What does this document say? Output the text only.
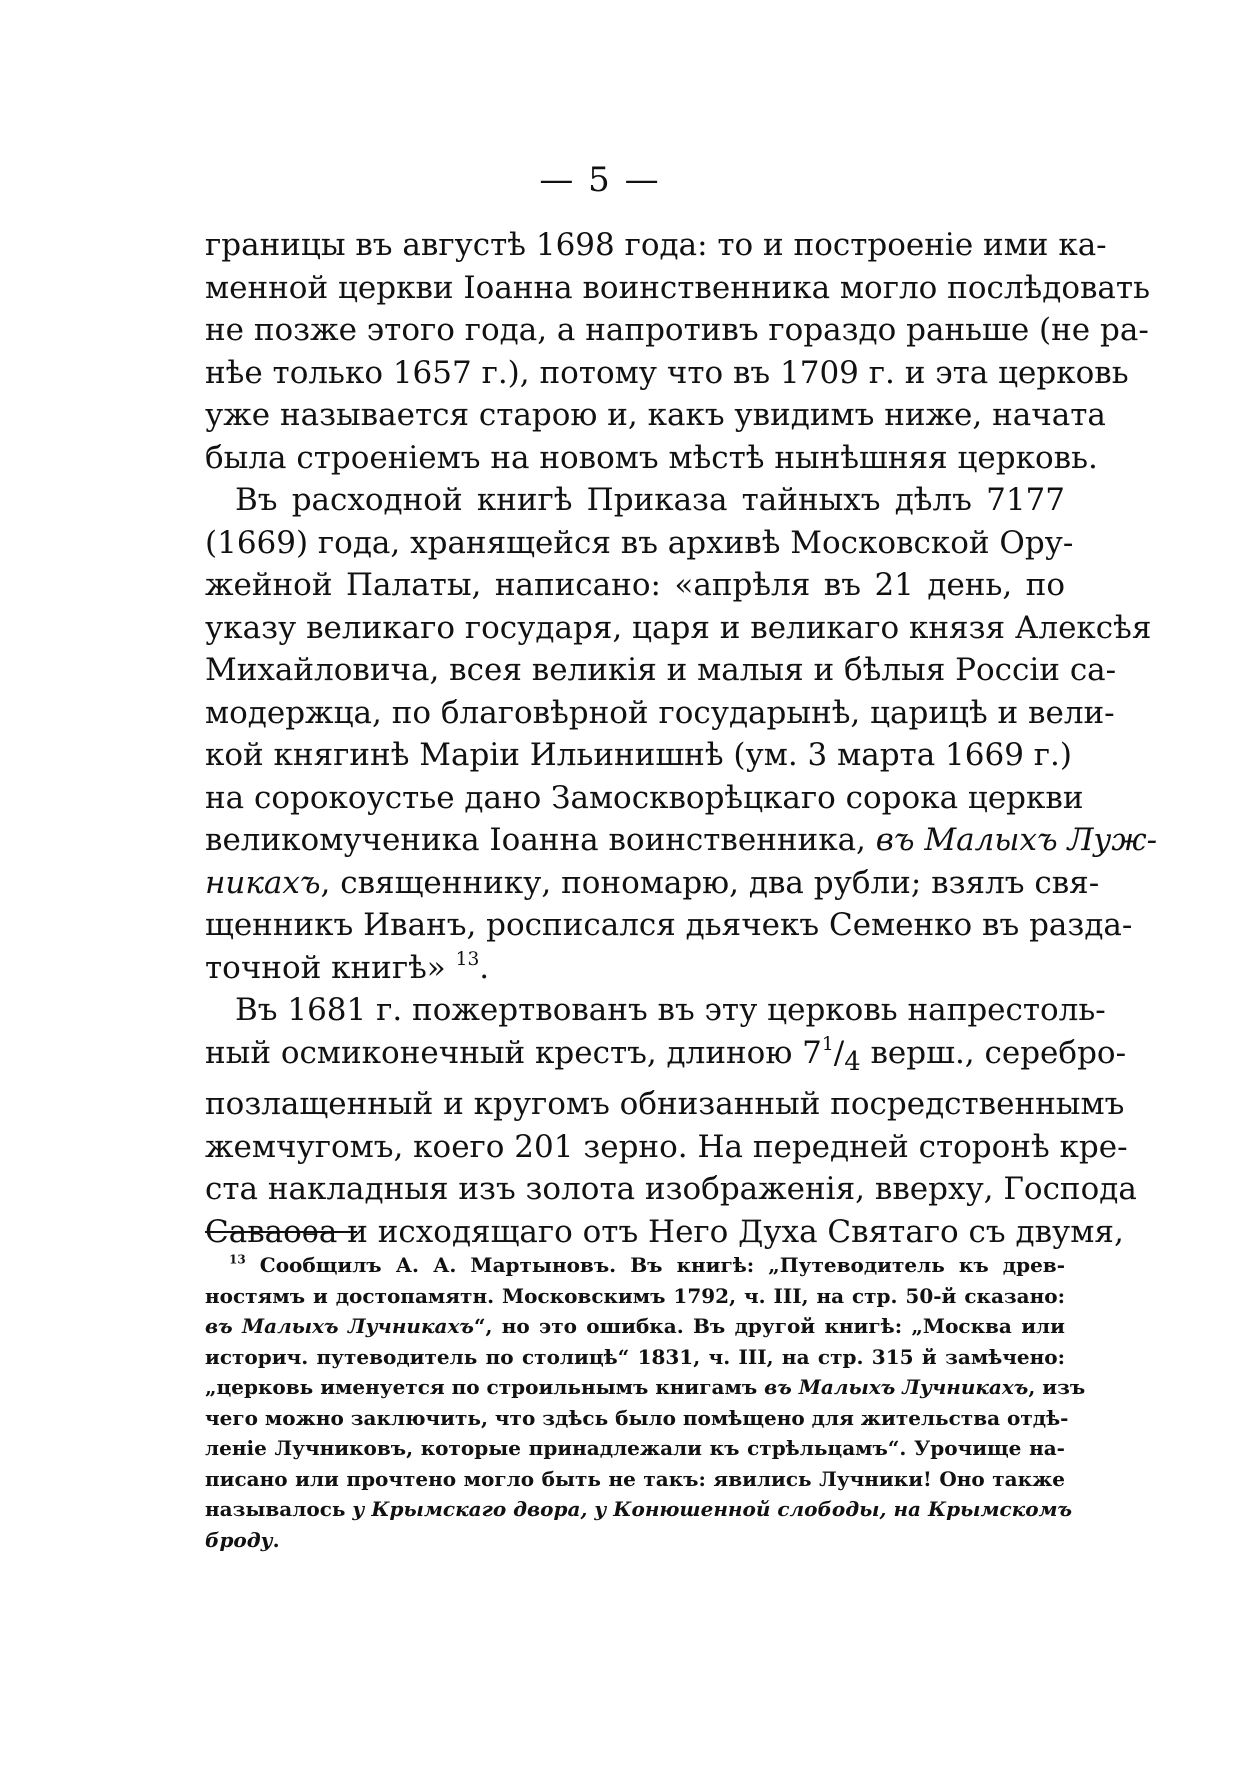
— 5 —

границы въ августѣ 1698 года: то и построеніе ими ка-

менной церкви Іоанна воинственника могло послѣдовать

не позже этого года, а напротивъ гораздо раньше (не ра-

нѣе только 1657 г.), потому что въ 1709 г. и эта церковь

уже называется старою и, какъ увидимъ ниже, начата

была строеніемъ на новомъ мѣстѣ нынѣшняя церковь.

Въ расходной книгѣ Приказа тайныхъ дѣлъ 7177

(1669) года, хранящейся въ архивѣ Московской Ору-

жейной Палаты, написано: «апрѣля въ 21 день, по

указу великаго государя, царя и великаго князя Алексѣя

Михайловича, всея великія и малыя и бѣлыя Россіи са-

модержца, по благовѣрной государынѣ, царицѣ и вели-

кой княгинѣ Маріи Ильинишнѣ (ум. 3 марта 1669 г.)

на сорокоустье дано Замоскворѣцкаго сорока церкви

великомученика Іоанна воинственника, въ Малыхъ Луж-

никахъ, священнику, пономарю, два рубли; взялъ свя-

щенникъ Иванъ, росписался дьячекъ Семенко въ разда-

точной книгѣ» $^{13}$.

Въ 1681 г. пожертвованъ въ эту церковь напрестоль-

ный осмиконечный крестъ, длиною $7^1/_4$ верш., серебро-

позлащенный и кругомъ обнизанный посредственнымъ

жемчугомъ, коего 201 зерно. На передней сторонѣ кре-

ста накладныя изъ золота изображенія, вверху, Господа

Саваоѳа и исходящаго отъ Него Духа Святаго съ двумя,

$^{13}$ Сообщилъ А. А. Мартыновъ. Въ книгѣ: „Путеводитель къ древ-

ностямъ и достопамятн. Московскимъ 1792, ч. III, на стр. 50-й сказано:

въ Малыхъ Лучникахъ“, но это ошибка. Въ другой книгѣ: „Москва или

историч. путеводитель по столицѣ“ 1831, ч. III, на стр. 315 й замѣчено:

„церковь именуется по строильнымъ книгамъ въ Малыхъ Лучникахъ, изъ

чего можно заключить, что здѣсь было помѣщено для жительства отдѣ-

леніе Лучниковъ, которые принадлежали къ стрѣльцамъ“. Урочище на-

писано или прочтено могло быть не такъ: явились Лучники! Оно также

называлось у Крымскаго двора, у Конюшенной слободы, на Крымскомъ

броду.
